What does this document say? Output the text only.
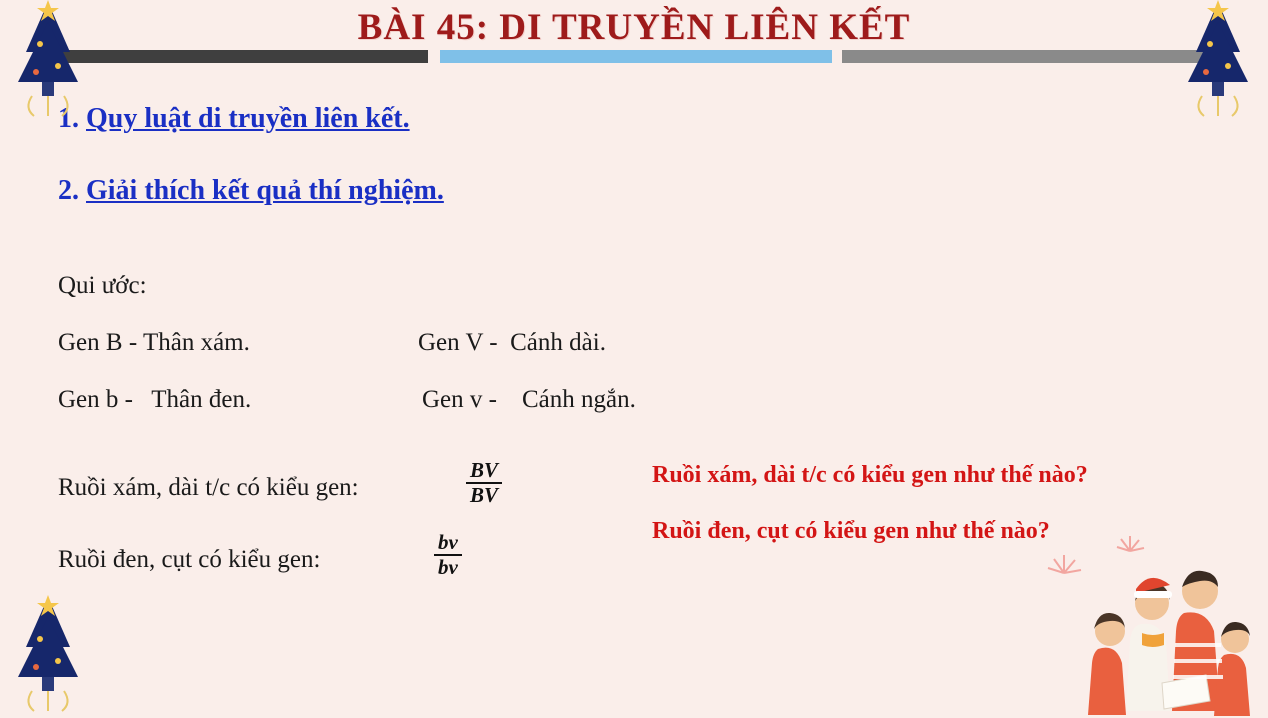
BÀI 45: DI TRUYỀN LIÊN KẾT
1. Quy luật di truyền liên kết.
2. Giải thích kết quả thí nghiệm.
Qui ước:
Gen B - Thân xám.	Gen V -  Cánh dài.
Gen b -   Thân đen.	Gen v -    Cánh ngắn.
Ruồi xám, dài t/c có kiểu gen:
Ruồi đen, cụt có kiểu gen:
$\frac{BV}{BV}$
$\frac{bv}{bv}$
Ruồi xám, dài t/c có kiểu gen như thế nào?
Ruồi đen, cụt có kiểu gen như thế nào?
